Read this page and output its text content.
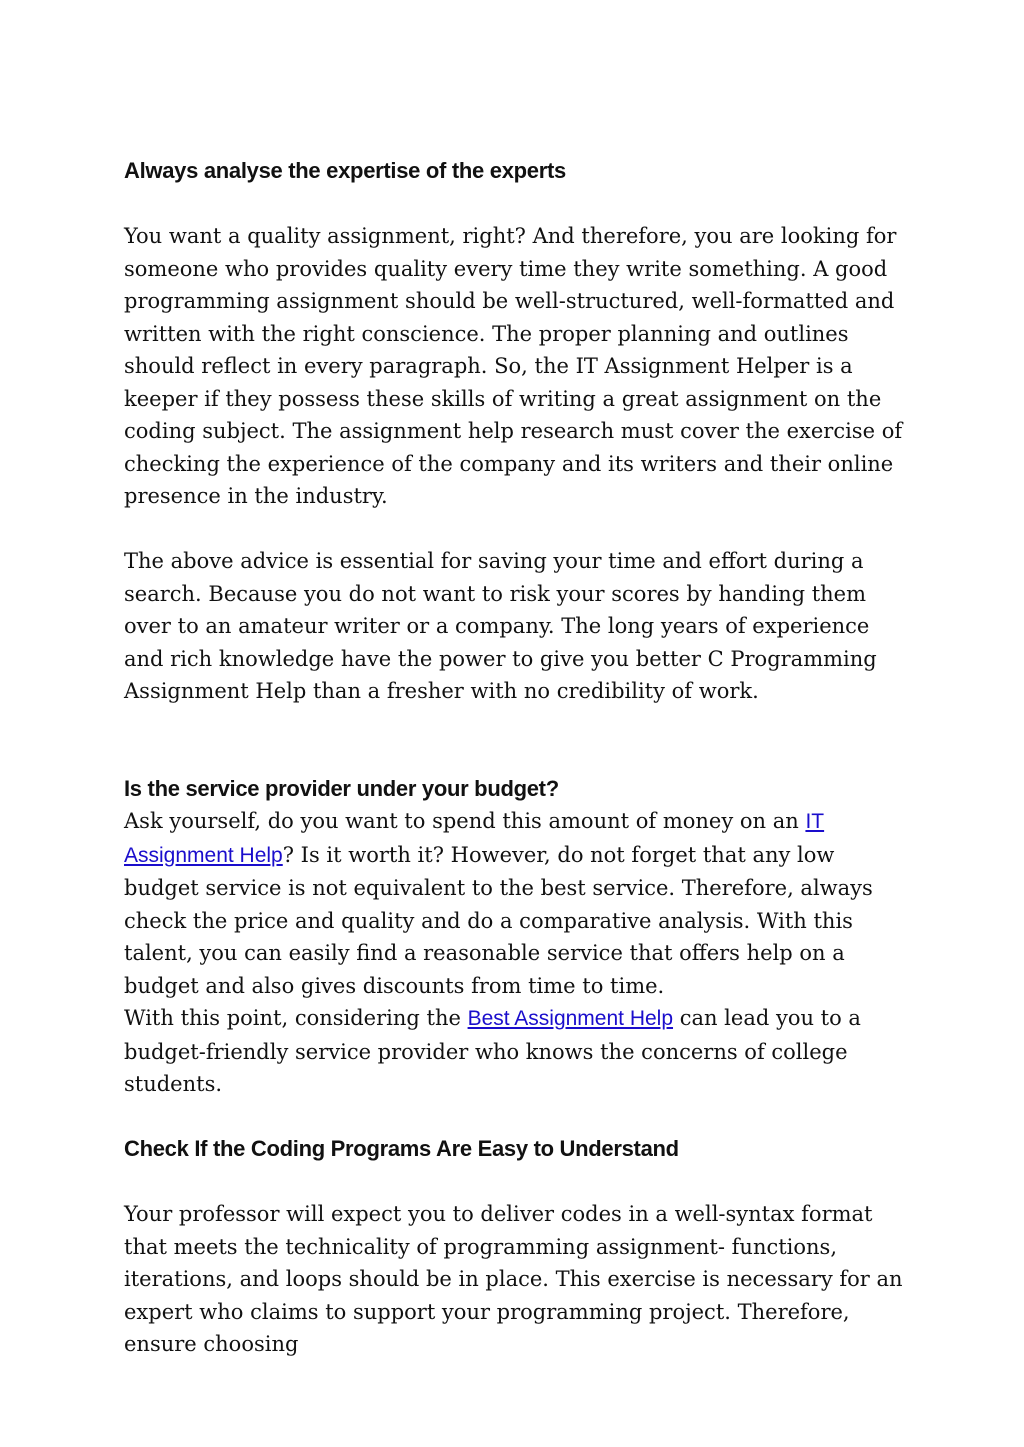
Always analyse the expertise of the experts

You want a quality assignment, right? And therefore, you are looking for someone who provides quality every time they write something. A good programming assignment should be well-structured, well-formatted and written with the right conscience. The proper planning and outlines should reflect in every paragraph. So, the IT Assignment Helper is a keeper if they possess these skills of writing a great assignment on the coding subject. The assignment help research must cover the exercise of checking the experience of the company and its writers and their online presence in the industry.

The above advice is essential for saving your time and effort during a search. Because you do not want to risk your scores by handing them over to an amateur writer or a company. The long years of experience and rich knowledge have the power to give you better C Programming Assignment Help than a fresher with no credibility of work.

Is the service provider under your budget?

Ask yourself, do you want to spend this amount of money on an IT Assignment Help? Is it worth it? However, do not forget that any low budget service is not equivalent to the best service. Therefore, always check the price and quality and do a comparative analysis. With this talent, you can easily find a reasonable service that offers help on a budget and also gives discounts from time to time.

With this point, considering the Best Assignment Help can lead you to a budget-friendly service provider who knows the concerns of college students.

Check If the Coding Programs Are Easy to Understand

Your professor will expect you to deliver codes in a well-syntax format that meets the technicality of programming assignment- functions, iterations, and loops should be in place. This exercise is necessary for an expert who claims to support your programming project. Therefore, ensure choosing
